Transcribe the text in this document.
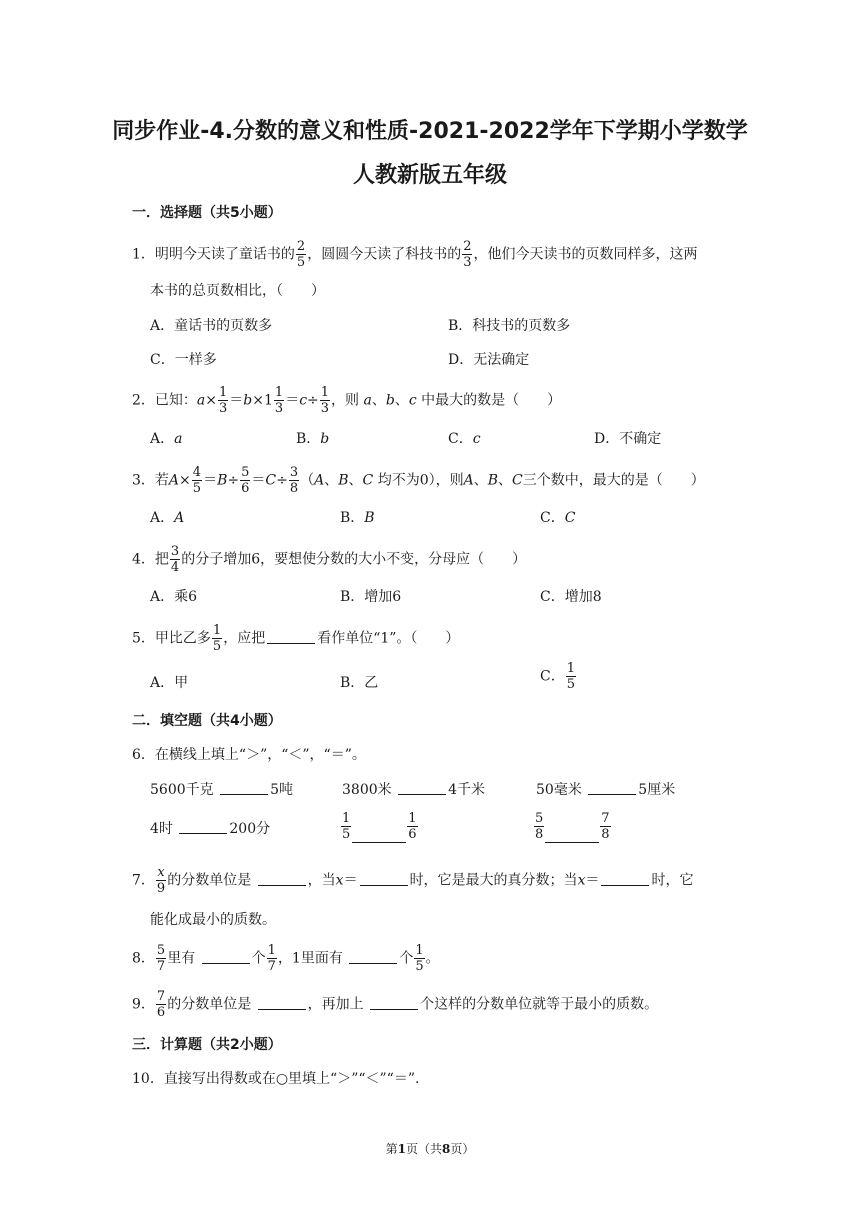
同步作业-4.分数的意义和性质-2021-2022学年下学期小学数学
人教新版五年级
一．选择题（共5小题）
1．明明今天读了童话书的 $\frac{2}{5}$ ，圆圆今天读了科技书的 $\frac{2}{3}$ ，他们今天读书的页数同样多，这两
本书的总页数相比，（　　）
A．童话书的页数多	B．科技书的页数多
C．一样多	D．无法确定
2．已知：$a\times \frac{1}{3} =b\times 1 \frac{1}{3} =c\div \frac{1}{3}$ ，则 a、b、c 中最大的数是（　　）
A．a	B．b	C．c	D．不确定
3．若$A\times \frac{4}{5} =B\div \frac{5}{6} =C\div \frac{3}{8} (A$、B、C 均不为0），则A、B、C三个数中，最大的是（　　）
A．A	B．B	C．C
4．把 $\frac{3}{4}$ 的分子增加6，要想使分数的大小不变，分母应（　　）
A．乘6	B．增加6	C．增加8
5．甲比乙多 $\frac{1}{5}$ ，应把	看作单位“1”。（　　）
A．甲	B．乙	C． $\frac{1}{5}$
二．填空题（共4小题）
6．在横线上填上“＞”，“＜”，“＝”。
5600千克	5吨	3800米	4千米	50毫米	5厘米
4时	200分	$\frac{1}{5}$	$\frac{1}{6}$	$\frac{5}{8}$	$\frac{7}{8}$
7． $\frac{x}{9}$ 的分数单位是	，当x＝	时，它是最大的真分数；当x＝	时，它
能化成最小的质数。
8． $\frac{5}{7}$ 里有	个 $\frac{1}{7}$ ，1里面有	个 $\frac{1}{5}$ 。
9． $\frac{7}{6}$ 的分数单位是	，再加上	个这样的分数单位就等于最小的质数。
三．计算题（共2小题）
10．直接写出得数或在○里填上“＞”“＜”“＝”.
第1页（共8页）
